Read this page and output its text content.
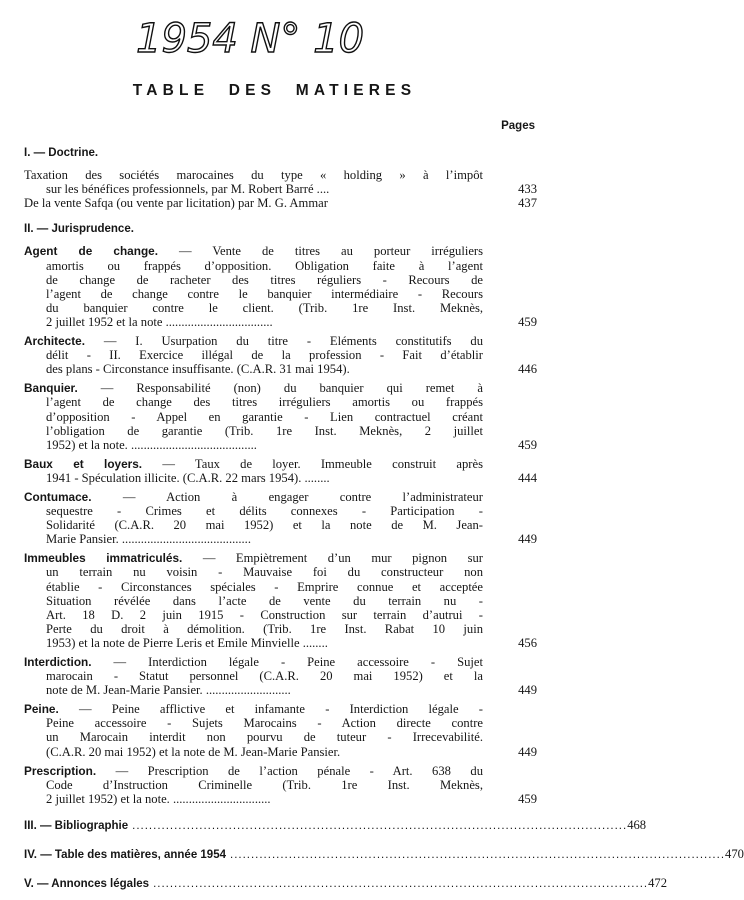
1954 N° 10
TABLE DES MATIERES
Pages
I. — Doctrine.
Taxation des sociétés marocaines du type « holding » à l’impôt
sur les bénéfices professionnels, par M. Robert Barré ....	433
De la vente Safqa (ou vente par licitation) par M. G. Ammar	437
II. — Jurisprudence.
Agent de change. — Vente de titres au porteur irréguliers
amortis ou frappés d’opposition. Obligation faite à l’agent
de change de racheter des titres réguliers - Recours de
l’agent de change contre le banquier intermédiaire - Recours
du banquier contre le client. (Trib. 1re Inst. Meknès,
2 juillet 1952 et la note ..................................	459
Architecte. — I. Usurpation du titre - Eléments constitutifs du
délit - II. Exercice illégal de la profession - Fait d’établir
des plans - Circonstance insuffisante. (C.A.R. 31 mai 1954).	446
Banquier. — Responsabilité (non) du banquier qui remet à
l’agent de change des titres irréguliers amortis ou frappés
d’opposition - Appel en garantie - Lien contractuel créant
l’obligation de garantie (Trib. 1re Inst. Meknès, 2 juillet
1952) et la note. ........................................	459
Baux et loyers. — Taux de loyer. Immeuble construit après
1941 - Spéculation illicite. (C.A.R. 22 mars 1954). ........	444
Contumace. — Action à engager contre l’administrateur
sequestre - Crimes et délits connexes - Participation -
Solidarité (C.A.R. 20 mai 1952) et la note de M. Jean-
Marie Pansier. .........................................	449
Immeubles immatriculés. — Empiètrement d’un mur pignon sur
un terrain nu voisin - Mauvaise foi du constructeur non
établie - Circonstances spéciales - Emprire connue et acceptée
Situation révélée dans l’acte de vente du terrain nu -
Art. 18 D. 2 juin 1915 - Construction sur terrain d’autrui -
Perte du droit à démolition. (Trib. 1re Inst. Rabat 10 juin
1953) et la note de Pierre Leris et Emile Minvielle ........	456
Interdiction. — Interdiction légale - Peine accessoire - Sujet
marocain - Statut personnel (C.A.R. 20 mai 1952) et la
note de M. Jean-Marie Pansier. ...........................	449
Peine. — Peine afflictive et infamante - Interdiction légale -
Peine accessoire - Sujets Marocains - Action directe contre
un Marocain interdit non pourvu de tuteur - Irrecevabilité.
(C.A.R. 20 mai 1952) et la note de M. Jean-Marie Pansier.	449
Prescription. — Prescription de l’action pénale - Art. 638 du
Code d’Instruction Criminelle (Trib. 1re Inst. Meknès,
2 juillet 1952) et la note. ...............................	459
III. — Bibliographie ...................................................................................................................... 468
IV. — Table des matières, année 1954 ...................................................................................................................... 470
V. — Annonces légales ...................................................................................................................... 472
